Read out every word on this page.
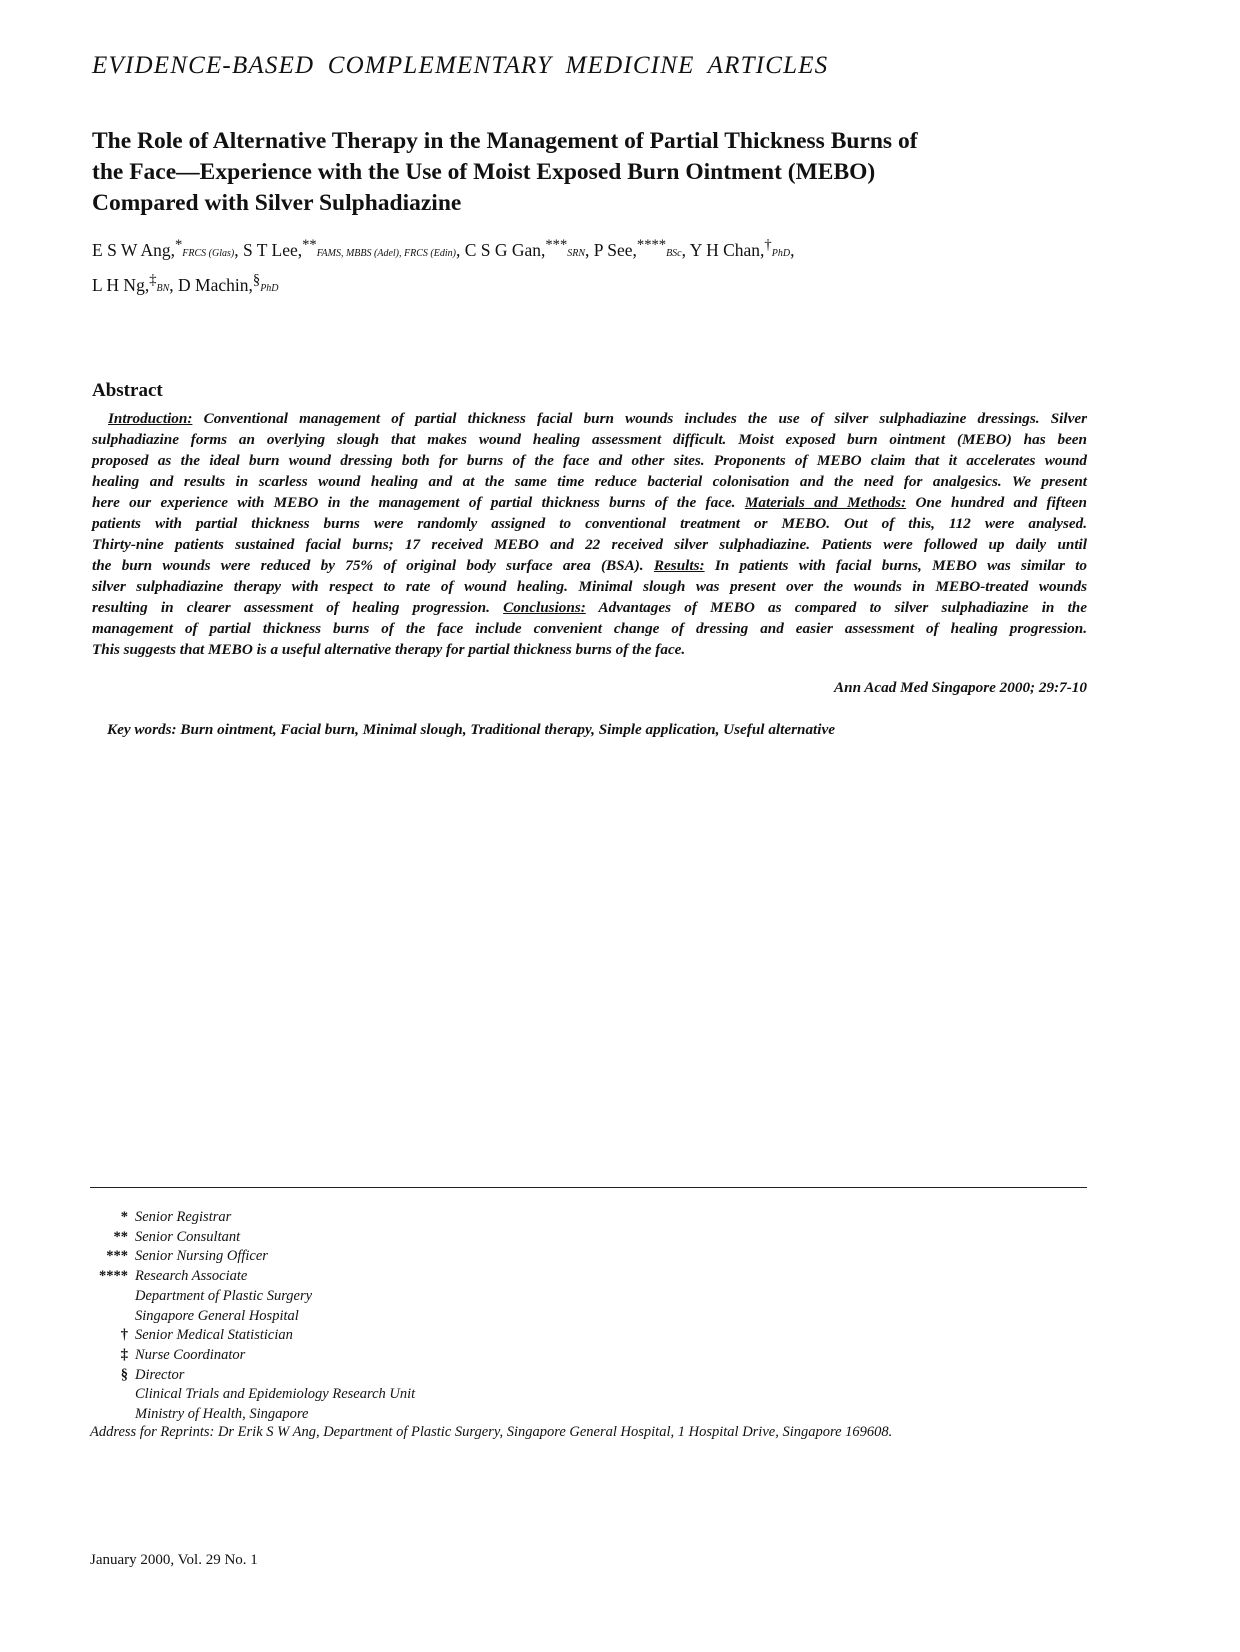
EVIDENCE-BASED COMPLEMENTARY MEDICINE ARTICLES
The Role of Alternative Therapy in the Management of Partial Thickness Burns of
the Face—Experience with the Use of Moist Exposed Burn Ointment (MEBO)
Compared with Silver Sulphadiazine
E S W Ang,*FRCS (Glas), S T Lee,**FAMS, MBBS (Adel), FRCS (Edin), C S G Gan,***SRN, P See,****BSc, Y H Chan,†PhD,
L H Ng,‡BN, D Machin,§PhD
Abstract
Introduction: Conventional management of partial thickness facial burn wounds includes the use of silver sulphadiazine dressings. Silver
sulphadiazine forms an overlying slough that makes wound healing assessment difficult. Moist exposed burn ointment (MEBO) has been
proposed as the ideal burn wound dressing both for burns of the face and other sites. Proponents of MEBO claim that it accelerates wound
healing and results in scarless wound healing and at the same time reduce bacterial colonisation and the need for analgesics. We present
here our experience with MEBO in the management of partial thickness burns of the face. Materials and Methods: One hundred and fifteen
patients with partial thickness burns were randomly assigned to conventional treatment or MEBO. Out of this, 112 were analysed.
Thirty-nine patients sustained facial burns; 17 received MEBO and 22 received silver sulphadiazine. Patients were followed up daily until
the burn wounds were reduced by 75% of original body surface area (BSA). Results: In patients with facial burns, MEBO was similar to
silver sulphadiazine therapy with respect to rate of wound healing. Minimal slough was present over the wounds in MEBO-treated wounds
resulting in clearer assessment of healing progression. Conclusions: Advantages of MEBO as compared to silver sulphadiazine in the
management of partial thickness burns of the face include convenient change of dressing and easier assessment of healing progression.
This suggests that MEBO is a useful alternative therapy for partial thickness burns of the face.
Ann Acad Med Singapore 2000; 29:7-10
Key words: Burn ointment, Facial burn, Minimal slough, Traditional therapy, Simple application, Useful alternative
* Senior Registrar
** Senior Consultant
*** Senior Nursing Officer
**** Research Associate
Department of Plastic Surgery
Singapore General Hospital
† Senior Medical Statistician
‡ Nurse Coordinator
§ Director
Clinical Trials and Epidemiology Research Unit
Ministry of Health, Singapore
Address for Reprints: Dr Erik S W Ang, Department of Plastic Surgery, Singapore General Hospital, 1 Hospital Drive, Singapore 169608.
January 2000, Vol. 29 No. 1
